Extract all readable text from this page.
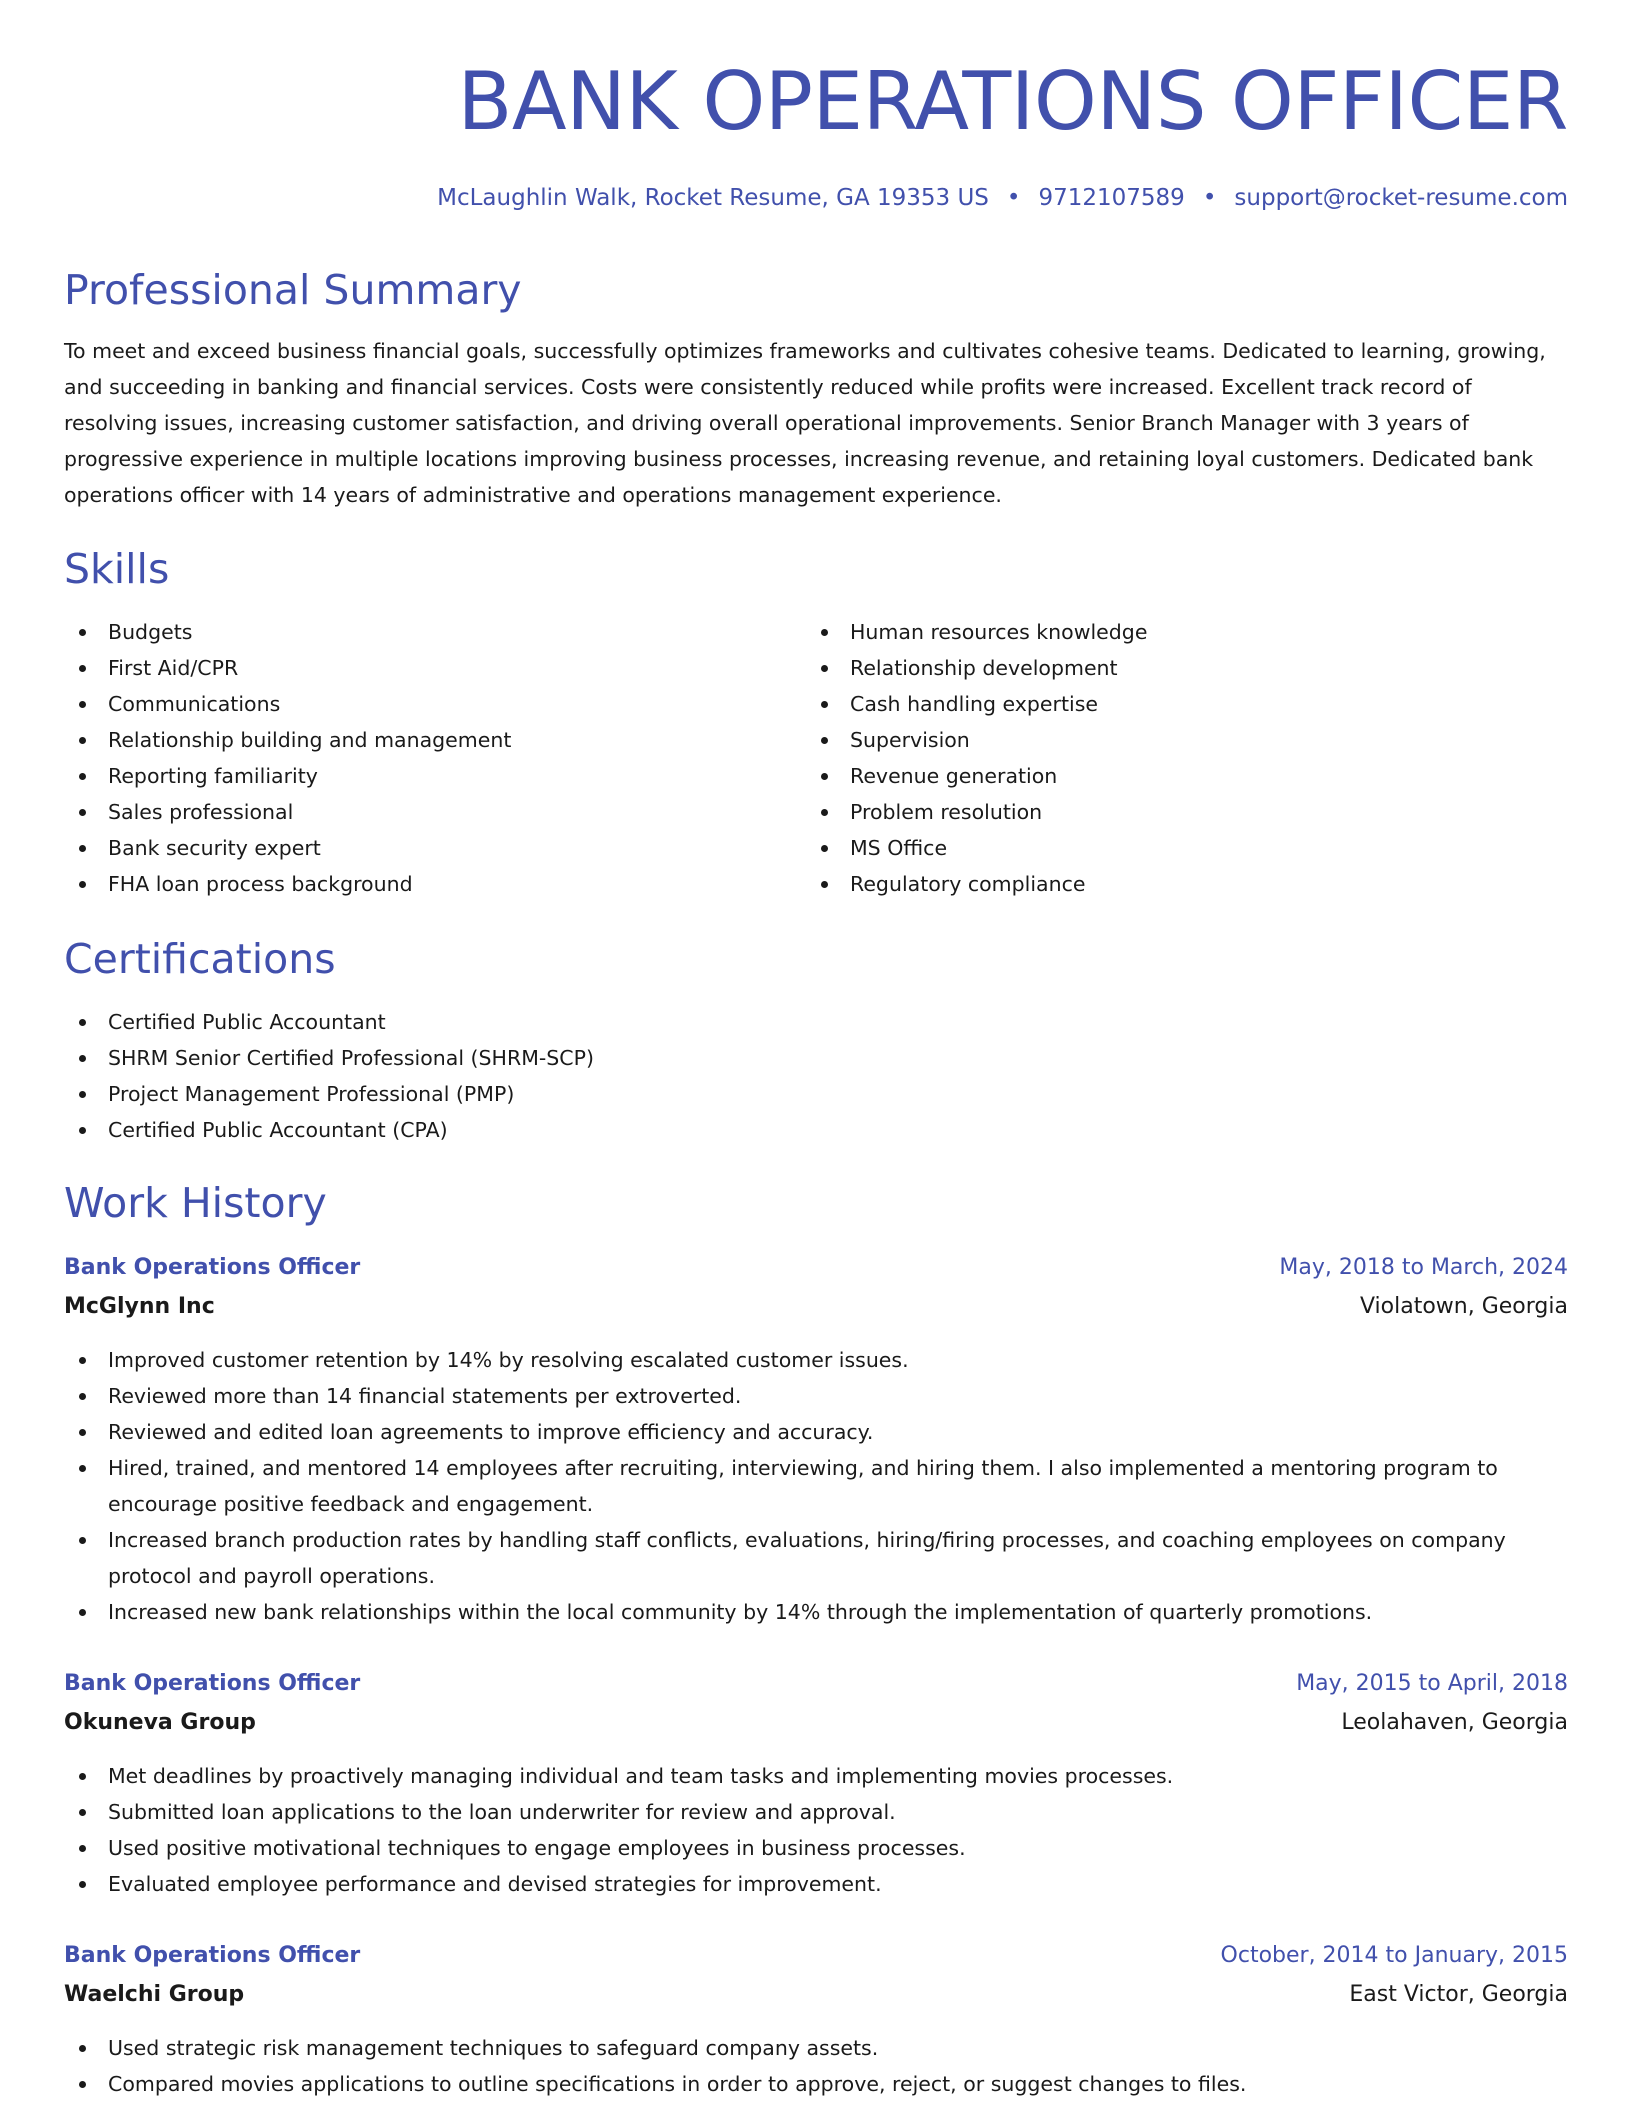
BANK OPERATIONS OFFICER
McLaughlin Walk, Rocket Resume, GA 19353 US • 9712107589 • support@rocket-resume.com
Professional Summary

To meet and exceed business financial goals, successfully optimizes frameworks and cultivates cohesive teams. Dedicated to learning, growing, and succeeding in banking and financial services. Costs were consistently reduced while profits were increased. Excellent track record of resolving issues, increasing customer satisfaction, and driving overall operational improvements. Senior Branch Manager with 3 years of progressive experience in multiple locations improving business processes, increasing revenue, and retaining loyal customers. Dedicated bank operations officer with 14 years of administrative and operations management experience.

Skills
Budgets
First Aid/CPR
Communications
Relationship building and management
Reporting familiarity
Sales professional
Bank security expert
FHA loan process background
Human resources knowledge
Relationship development
Cash handling expertise
Supervision
Revenue generation
Problem resolution
MS Office
Regulatory compliance
Certifications
Certified Public Accountant
SHRM Senior Certified Professional (SHRM-SCP)
Project Management Professional (PMP)
Certified Public Accountant (CPA)
Work History
Bank Operations Officer	May, 2018 to March, 2024
McGlynn Inc	Violatown, Georgia
Improved customer retention by 14% by resolving escalated customer issues.
Reviewed more than 14 financial statements per extroverted.
Reviewed and edited loan agreements to improve efficiency and accuracy.
Hired, trained, and mentored 14 employees after recruiting, interviewing, and hiring them. I also implemented a mentoring program to encourage positive feedback and engagement.
Increased branch production rates by handling staff conflicts, evaluations, hiring/firing processes, and coaching employees on company protocol and payroll operations.
Increased new bank relationships within the local community by 14% through the implementation of quarterly promotions.
Bank Operations Officer	May, 2015 to April, 2018
Okuneva Group	Leolahaven, Georgia
Met deadlines by proactively managing individual and team tasks and implementing movies processes.
Submitted loan applications to the loan underwriter for review and approval.
Used positive motivational techniques to engage employees in business processes.
Evaluated employee performance and devised strategies for improvement.
Bank Operations Officer	October, 2014 to January, 2015
Waelchi Group	East Victor, Georgia
Used strategic risk management techniques to safeguard company assets.
Compared movies applications to outline specifications in order to approve, reject, or suggest changes to files.
